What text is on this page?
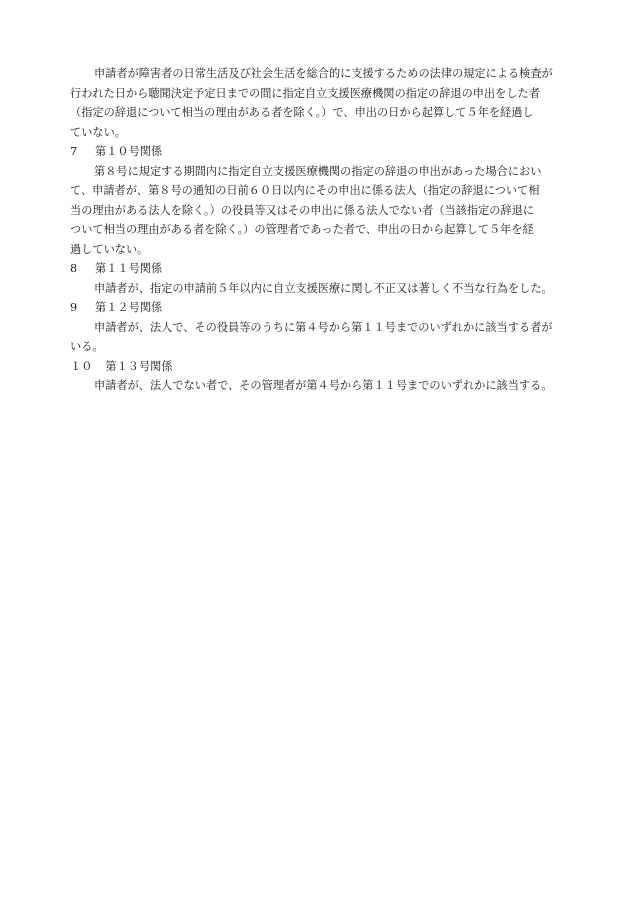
申請者が障害者の日常生活及び社会生活を総合的に支援するための法律の規定による検査が
行われた日から聴聞決定予定日までの間に指定自立支援医療機関の指定の辞退の申出をした者
（指定の辞退について相当の理由がある者を除く。）で、申出の日から起算して５年を経過し
ていない。

7 第１０号関係

第８号に規定する期間内に指定自立支援医療機関の指定の辞退の申出があった場合におい
て、申請者が、第８号の通知の日前６０日以内にその申出に係る法人（指定の辞退について相
当の理由がある法人を除く。）の役員等又はその申出に係る法人でない者（当該指定の辞退に
ついて相当の理由がある者を除く。）の管理者であった者で、申出の日から起算して５年を経
過していない。

8 第１１号関係

申請者が、指定の申請前５年以内に自立支援医療に関し不正又は著しく不当な行為をした。

9 第１２号関係

申請者が、法人で、その役員等のうちに第４号から第１１号までのいずれかに該当する者が
いる。

１０ 第１３号関係

申請者が、法人でない者で、その管理者が第４号から第１１号までのいずれかに該当する。
